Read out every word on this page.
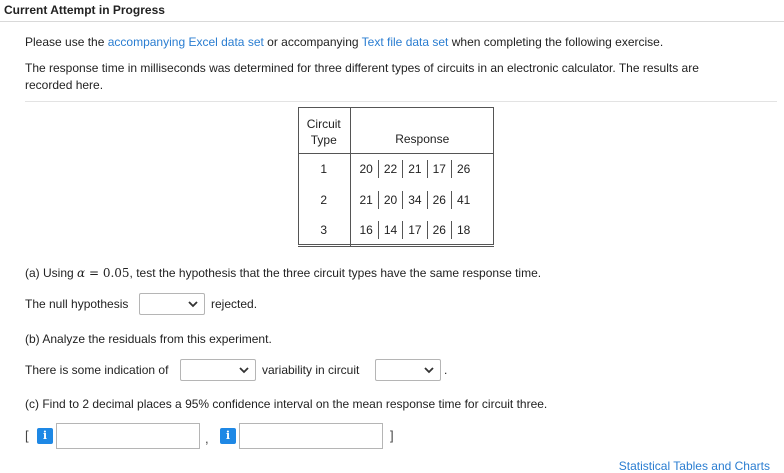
Current Attempt in Progress
Please use the accompanying Excel data set or accompanying Text file data set when completing the following exercise.
The response time in milliseconds was determined for three different types of circuits in an electronic calculator. The results are
recorded here.
Circuit
Type	Response
1	20 22 21 17 26

2	21 20 34 26 41

3	16 14 17 26 18
(a) Using α = 0.05, test the hypothesis that the three circuit types have the same response time.
The null hypothesis	rejected.
(b) Analyze the residuals from this experiment.
There is some indication of	variability in circuit	.
(c) Find to 2 decimal places a 95% confidence interval on the mean response time for circuit three.
[	i	,	i	]
Statistical Tables and Charts
